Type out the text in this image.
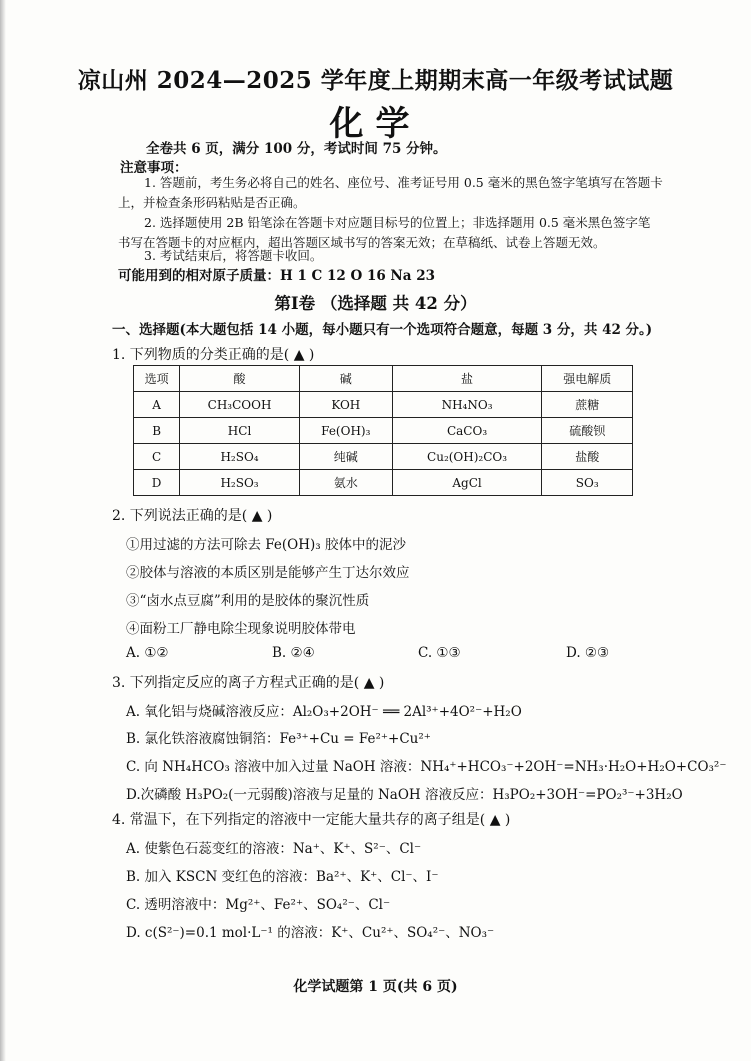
凉山州 2024—2025 学年度上期期末高一年级考试试题
化学
全卷共 6 页，满分 100 分，考试时间 75 分钟。
注意事项：
1. 答题前，考生务必将自己的姓名、座位号、准考证号用 0.5 毫米的黑色签字笔填写在答题卡
上，并检查条形码粘贴是否正确。
2. 选择题使用 2B 铅笔涂在答题卡对应题目标号的位置上；非选择题用 0.5 毫米黑色签字笔
书写在答题卡的对应框内，超出答题区域书写的答案无效；在草稿纸、试卷上答题无效。
3. 考试结束后，将答题卡收回。
可能用到的相对原子质量：H 1 C 12 O 16 Na 23
第Ⅰ卷 （选择题 共 42 分）
一、选择题(本大题包括 14 小题，每小题只有一个选项符合题意，每题 3 分，共 42 分。)
1. 下列物质的分类正确的是( ▲ )
选项	酸	碱	盐	强电解质
A	CH₃COOH	KOH	NH₄NO₃	蔗糖
B	HCl	Fe(OH)₃	CaCO₃	硫酸钡
C	H₂SO₄	纯碱	Cu₂(OH)₂CO₃	盐酸
D	H₂SO₃	氨水	AgCl	SO₃
2. 下列说法正确的是( ▲ )
①用过滤的方法可除去 Fe(OH)₃ 胶体中的泥沙
②胶体与溶液的本质区别是能够产生丁达尔效应
③“卤水点豆腐”利用的是胶体的聚沉性质
④面粉工厂静电除尘现象说明胶体带电
A. ①②	B. ②④	C. ①③	D. ②③
3. 下列指定反应的离子方程式正确的是( ▲ )
A. 氧化铝与烧碱溶液反应：Al₂O₃+2OH⁻ ══ 2Al³⁺+4O²⁻+H₂O
B. 氯化铁溶液腐蚀铜箔：Fe³⁺+Cu = Fe²⁺+Cu²⁺
C. 向 NH₄HCO₃ 溶液中加入过量 NaOH 溶液：NH₄⁺+HCO₃⁻+2OH⁻=NH₃·H₂O+H₂O+CO₃²⁻
D.次磷酸 H₃PO₂(一元弱酸)溶液与足量的 NaOH 溶液反应：H₃PO₂+3OH⁻=PO₂³⁻+3H₂O
4. 常温下，在下列指定的溶液中一定能大量共存的离子组是( ▲ )
A. 使紫色石蕊变红的溶液：Na⁺、K⁺、S²⁻、Cl⁻
B. 加入 KSCN 变红色的溶液：Ba²⁺、K⁺、Cl⁻、I⁻
C. 透明溶液中：Mg²⁺、Fe²⁺、SO₄²⁻、Cl⁻
D. c(S²⁻)=0.1 mol·L⁻¹ 的溶液：K⁺、Cu²⁺、SO₄²⁻、NO₃⁻
化学试题第 1 页(共 6 页)
